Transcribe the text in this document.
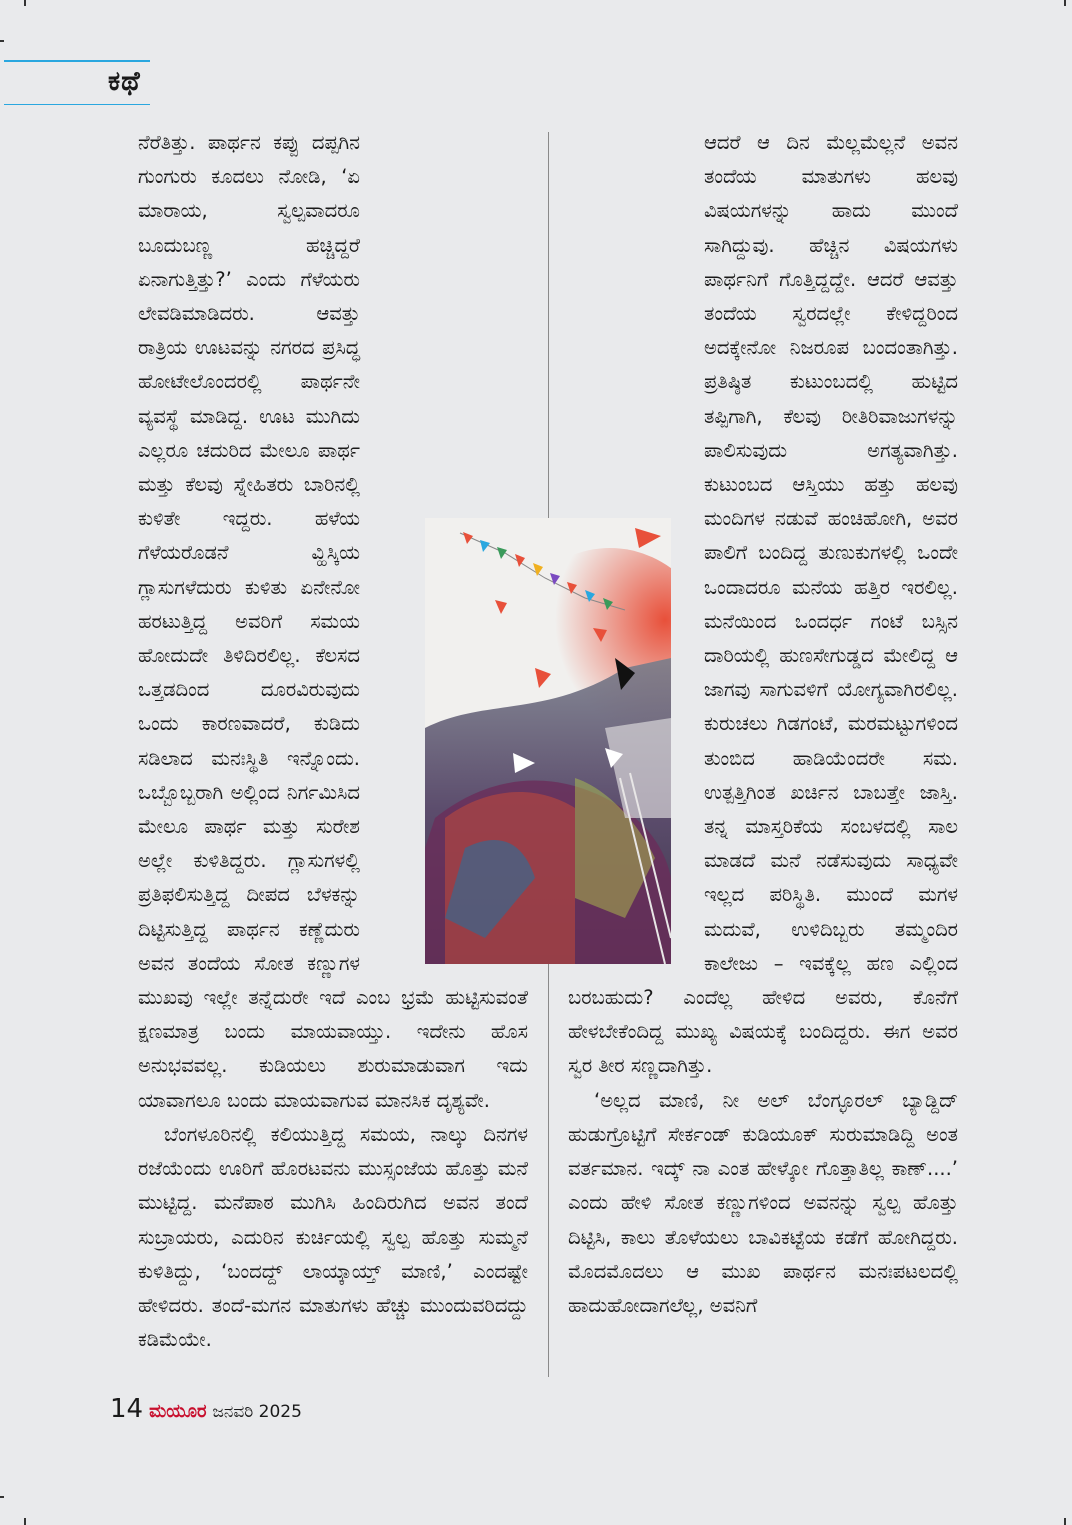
ಕಥೆ

ನೆರೆತಿತ್ತು. ಪಾರ್ಥನ ಕಪ್ಪು ದಪ್ಪಗಿನ ಗುಂಗುರು ಕೂದಲು ನೋಡಿ, ‘ಏ ಮಾರಾಯ, ಸ್ವಲ್ಪವಾದರೂ ಬೂದುಬಣ್ಣ ಹಚ್ಚಿದ್ದರೆ ಏನಾಗುತ್ತಿತ್ತು?’ ಎಂದು ಗೆಳೆಯರು ಲೇವಡಿಮಾಡಿದರು. ಆವತ್ತು ರಾತ್ರಿಯ ಊಟವನ್ನು ನಗರದ ಪ್ರಸಿದ್ಧ ಹೋಟೇಲೊಂದರಲ್ಲಿ ಪಾರ್ಥನೇ ವ್ಯವಸ್ಥೆ ಮಾಡಿದ್ದ. ಊಟ ಮುಗಿದು ಎಲ್ಲರೂ ಚದುರಿದ ಮೇಲೂ ಪಾರ್ಥ ಮತ್ತು ಕೆಲವು ಸ್ನೇಹಿತರು ಬಾರಿನಲ್ಲಿ ಕುಳಿತೇ ಇದ್ದರು. ಹಳೆಯ ಗೆಳೆಯರೊಡನೆ ವ್ಹಿಸ್ಕಿಯ ಗ್ಲಾಸುಗಳೆದುರು ಕುಳಿತು ಏನೇನೋ ಹರಟುತ್ತಿದ್ದ ಅವರಿಗೆ ಸಮಯ ಹೋದುದೇ ತಿಳಿದಿರಲಿಲ್ಲ. ಕೆಲಸದ ಒತ್ತಡದಿಂದ ದೂರವಿರುವುದು ಒಂದು ಕಾರಣವಾದರೆ, ಕುಡಿದು ಸಡಿಲಾದ ಮನಃಸ್ಥಿತಿ ಇನ್ನೊಂದು. ಒಬ್ಬೊಬ್ಬರಾಗಿ ಅಲ್ಲಿಂದ ನಿರ್ಗಮಿಸಿದ ಮೇಲೂ ಪಾರ್ಥ ಮತ್ತು ಸುರೇಶ ಅಲ್ಲೇ ಕುಳಿತಿದ್ದರು. ಗ್ಲಾಸುಗಳಲ್ಲಿ ಪ್ರತಿಫಲಿಸುತ್ತಿದ್ದ ದೀಪದ ಬೆಳಕನ್ನು ದಿಟ್ಟಿಸುತ್ತಿದ್ದ ಪಾರ್ಥನ ಕಣ್ಣೆದುರು ಅವನ ತಂದೆಯ ಸೋತ ಕಣ್ಣುಗಳ ಮುಖವು ಇಲ್ಲೇ ತನ್ನೆದುರೇ ಇದೆ ಎಂಬ ಭ್ರಮೆ ಹುಟ್ಟಿಸುವಂತೆ ಕ್ಷಣಮಾತ್ರ ಬಂದು ಮಾಯವಾಯ್ತು. ಇದೇನು ಹೊಸ ಅನುಭವವಲ್ಲ. ಕುಡಿಯಲು ಶುರುಮಾಡುವಾಗ ಇದು ಯಾವಾಗಲೂ ಬಂದು ಮಾಯವಾಗುವ ಮಾನಸಿಕ ದೃಶ್ಯವೇ.

ಬೆಂಗಳೂರಿನಲ್ಲಿ ಕಲಿಯುತ್ತಿದ್ದ ಸಮಯ, ನಾಲ್ಕು ದಿನಗಳ ರಜೆಯೆಂದು ಊರಿಗೆ ಹೊರಟವನು ಮುಸ್ಸಂಜೆಯ ಹೊತ್ತು ಮನೆ ಮುಟ್ಟಿದ್ದ. ಮನೆಪಾಠ ಮುಗಿಸಿ ಹಿಂದಿರುಗಿದ ಅವನ ತಂದೆ ಸುಬ್ರಾಯರು, ಎದುರಿನ ಕುರ್ಚಿಯಲ್ಲಿ ಸ್ವಲ್ಪ ಹೊತ್ತು ಸುಮ್ಮನೆ ಕುಳಿತಿದ್ದು, ‘ಬಂದದ್ದ್ ಲಾಯ್ಕಾಯ್ತ್ ಮಾಣಿ,’ ಎಂದಷ್ಟೇ ಹೇಳಿದರು. ತಂದೆ-ಮಗನ ಮಾತುಗಳು ಹೆಚ್ಚು ಮುಂದುವರಿದದ್ದು ಕಡಿಮೆಯೇ.

ಆದರೆ ಆ ದಿನ ಮೆಲ್ಲಮೆಲ್ಲನೆ ಅವನ ತಂದೆಯ ಮಾತುಗಳು ಹಲವು ವಿಷಯಗಳನ್ನು ಹಾದು ಮುಂದೆ ಸಾಗಿದ್ದುವು. ಹೆಚ್ಚಿನ ವಿಷಯಗಳು ಪಾರ್ಥನಿಗೆ ಗೊತ್ತಿದ್ದದ್ದೇ. ಆದರೆ ಆವತ್ತು ತಂದೆಯ ಸ್ವರದಲ್ಲೇ ಕೇಳಿದ್ದರಿಂದ ಅದಕ್ಕೇನೋ ನಿಜರೂಪ ಬಂದಂತಾಗಿತ್ತು. ಪ್ರತಿಷ್ಠಿತ ಕುಟುಂಬದಲ್ಲಿ ಹುಟ್ಟಿದ ತಪ್ಪಿಗಾಗಿ, ಕೆಲವು ರೀತಿರಿವಾಜುಗಳನ್ನು ಪಾಲಿಸುವುದು ಅಗತ್ಯವಾಗಿತ್ತು. ಕುಟುಂಬದ ಆಸ್ತಿಯು ಹತ್ತು ಹಲವು ಮಂದಿಗಳ ನಡುವೆ ಹಂಚಿಹೋಗಿ, ಅವರ ಪಾಲಿಗೆ ಬಂದಿದ್ದ ತುಣುಕುಗಳಲ್ಲಿ ಒಂದೇ ಒಂದಾದರೂ ಮನೆಯ ಹತ್ತಿರ ಇರಲಿಲ್ಲ. ಮನೆಯಿಂದ ಒಂದರ್ಧ ಗಂಟೆ ಬಸ್ಸಿನ ದಾರಿಯಲ್ಲಿ ಹುಣಸೇಗುಡ್ಡದ ಮೇಲಿದ್ದ ಆ ಜಾಗವು ಸಾಗುವಳಿಗೆ ಯೋಗ್ಯವಾಗಿರಲಿಲ್ಲ. ಕುರುಚಲು ಗಿಡಗಂಟೆ, ಮರಮಟ್ಟುಗಳಿಂದ ತುಂಬಿದ ಹಾಡಿಯೆಂದರೇ ಸಮ. ಉತ್ಪತ್ತಿಗಿಂತ ಖರ್ಚಿನ ಬಾಬತ್ತೇ ಜಾಸ್ತಿ. ತನ್ನ ಮಾಸ್ತರಿಕೆಯ ಸಂಬಳದಲ್ಲಿ ಸಾಲ ಮಾಡದೆ ಮನೆ ನಡೆಸುವುದು ಸಾಧ್ಯವೇ ಇಲ್ಲದ ಪರಿಸ್ಥಿತಿ. ಮುಂದೆ ಮಗಳ ಮದುವೆ, ಉಳಿದಿಬ್ಬರು ತಮ್ಮಂದಿರ ಕಾಲೇಜು – ಇವಕ್ಕೆಲ್ಲ ಹಣ ಎಲ್ಲಿಂದ ಬರಬಹುದು? ಎಂದೆಲ್ಲ ಹೇಳಿದ ಅವರು, ಕೊನೆಗೆ ಹೇಳಬೇಕೆಂದಿದ್ದ ಮುಖ್ಯ ವಿಷಯಕ್ಕೆ ಬಂದಿದ್ದರು. ಈಗ ಅವರ ಸ್ವರ ತೀರ ಸಣ್ಣದಾಗಿತ್ತು.

‘ಅಲ್ಲದ ಮಾಣಿ, ನೀ ಅಲ್ ಬೆಂಗ್ಳೂರಲ್ ಬ್ಯಾಡ್ದಿದ್ ಹುಡುಗ್ರೊಟ್ಟಿಗೆ ಸೇರ್ಕಂಡ್ ಕುಡಿಯೂಕ್ ಸುರುಮಾಡಿದ್ದಿ ಅಂತ ವರ್ತಮಾನ. ಇದ್ಕ್ ನಾ ಎಂತ ಹೇಳ್ಕೋ ಗೊತ್ತಾತಿಲ್ಲ ಕಾಣ್....’ ಎಂದು ಹೇಳಿ ಸೋತ ಕಣ್ಣುಗಳಿಂದ ಅವನನ್ನು ಸ್ವಲ್ಪ ಹೊತ್ತು ದಿಟ್ಟಿಸಿ, ಕಾಲು ತೊಳೆಯಲು ಬಾವಿಕಟ್ಟೆಯ ಕಡೆಗೆ ಹೋಗಿದ್ದರು. ಮೊದಮೊದಲು ಆ ಮುಖ ಪಾರ್ಥನ ಮನಃಪಟಲದಲ್ಲಿ ಹಾದುಹೋದಾಗಲೆಲ್ಲ, ಅವನಿಗೆ

14 ಮಯೂರ ಜನವರಿ 2025
